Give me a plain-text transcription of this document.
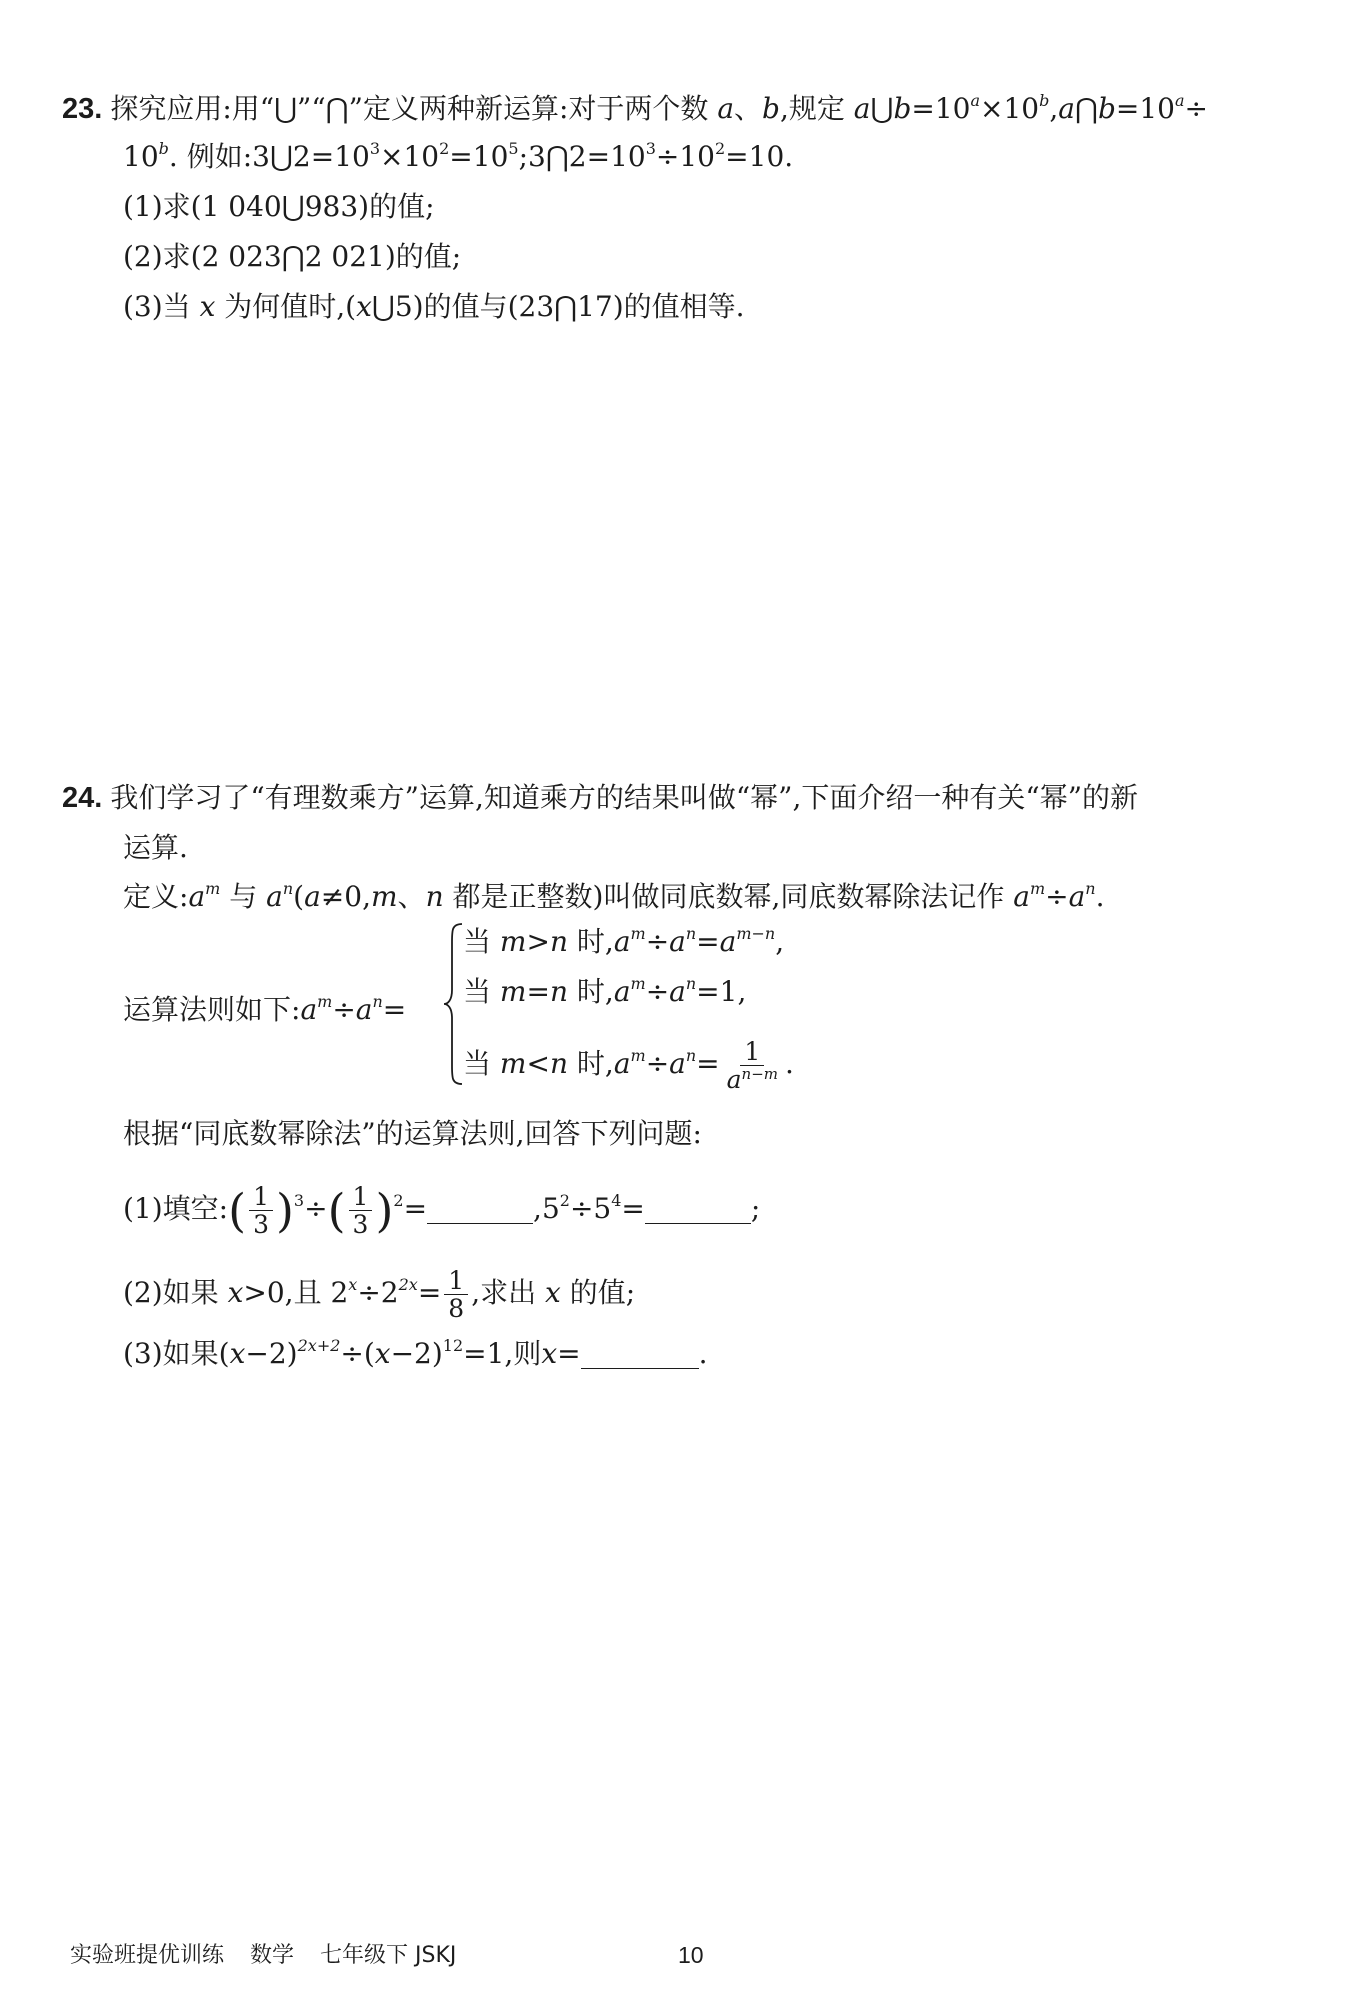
23. 探究应用:用“⋃”“⋂”定义两种新运算:对于两个数 a、b,规定 $a⋃b=10^a\times 10^b,a⋂b=10^a\div$
$10^b$. 例如$:3⋃2=10^3\times 10^2=10^5;3⋂2=10^3\div 10^2=10$.
(1)求(1 040⋃983)的值;
(2)求(2 023⋂2 021)的值;
(3)当 x 为何值时,(x⋃5)的值与(23⋂17)的值相等.
24. 我们学习了“有理数乘方”运算,知道乘方的结果叫做“幂”,下面介绍一种有关“幂”的新
运算.
定义$:a^m$ 与 $a^n(a\ne 0,m$、n 都是正整数)叫做同底数幂,同底数幂除法记作 $a^m\div a^n$.
运算法则如下$:a^m\div a^n=$
当 m>n 时$,a^m\div a^n=a^{m-n}$,
当 m=n 时$,a^m\div a^n=1$,
当 m<n 时$,a^m\div a^n= \frac{1}{a^{n-m}}$ .
根据“同底数幂除法”的运算法则,回答下列问题:
(1)填空:( $\frac{1}{3} )^3\div( \frac{1}{3} )^2=$	$,5^2\div 5^4=$	;
(2)如果 x>0,且 $2^x\div 2^{2x}= \frac{1}{8}$ ,求出 x 的值;
(3)如果$(x-2)^{2x+2}\div(x-2)^{12}=1$,则x=	.
实验班提优训练 数学 七年级下 JSKJ	10
